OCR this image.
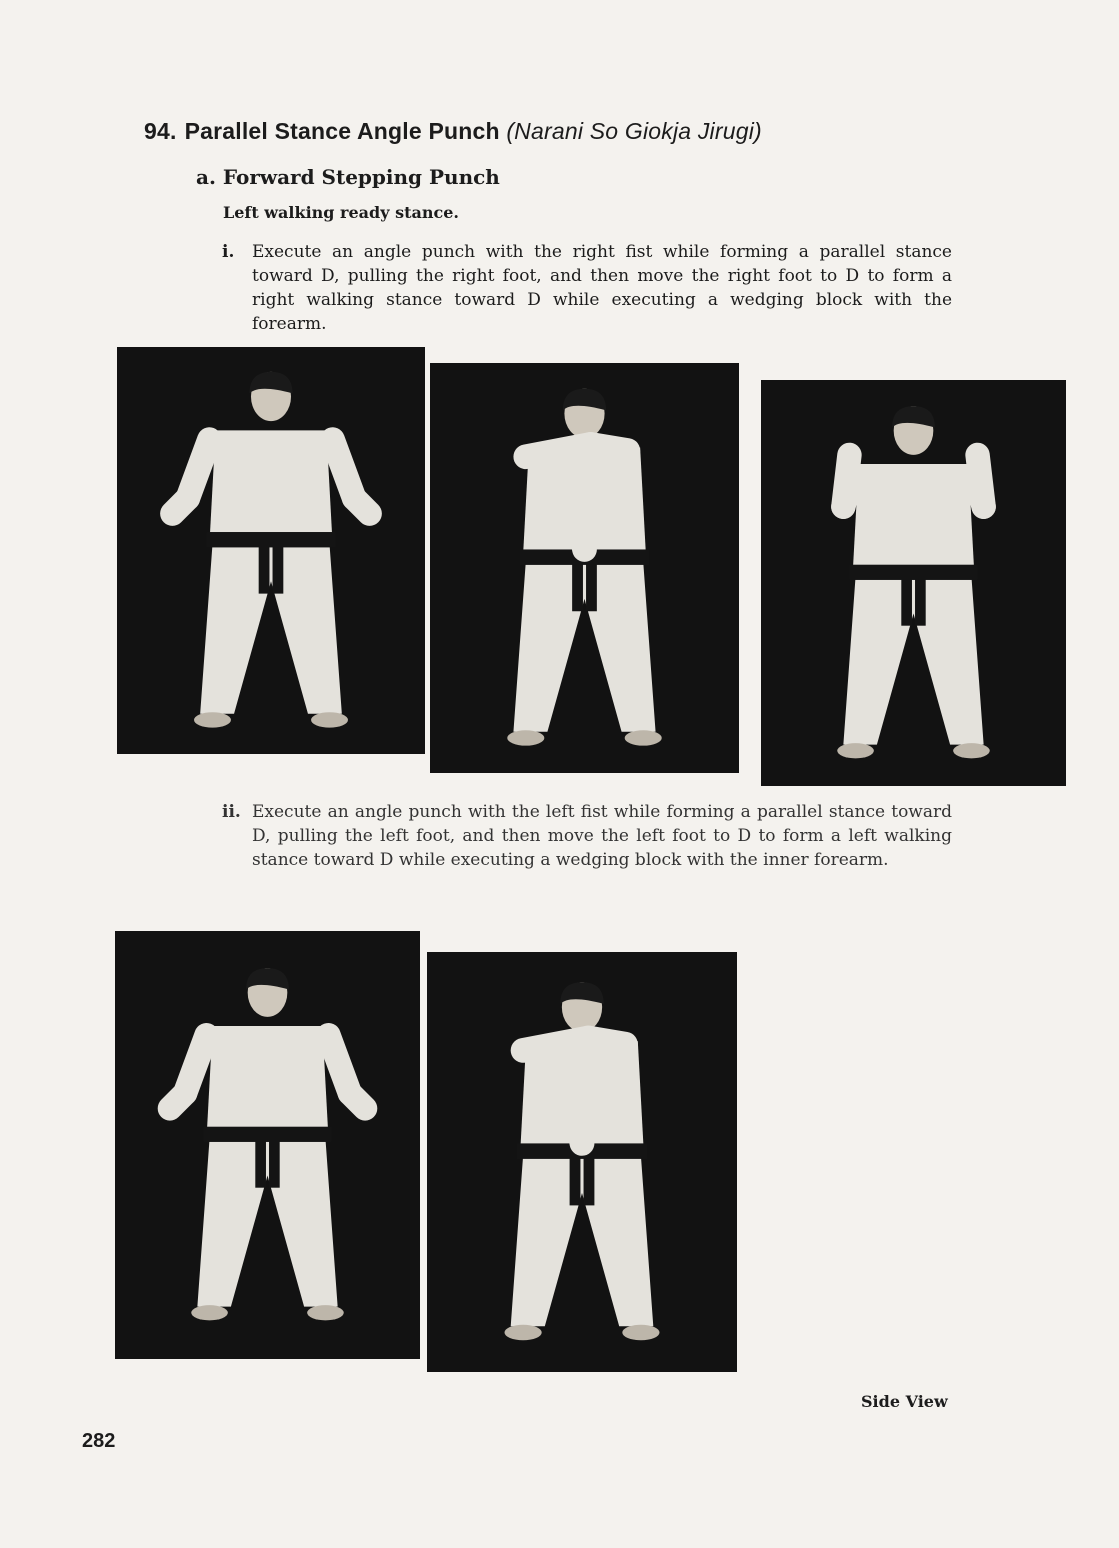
94. Parallel Stance Angle Punch (Narani So Giokja Jirugi)
a. Forward Stepping Punch
Left walking ready stance.
i. Execute an angle punch with the right fist while forming a parallel stance toward D, pulling the right foot, and then move the right foot to D to form a right walking stance toward D while executing a wedging block with the forearm.
ii. Execute an angle punch with the left fist while forming a parallel stance toward D, pulling the left foot, and then move the left foot to D to form a left walking stance toward D while executing a wedging block with the inner forearm.
Side View
282
